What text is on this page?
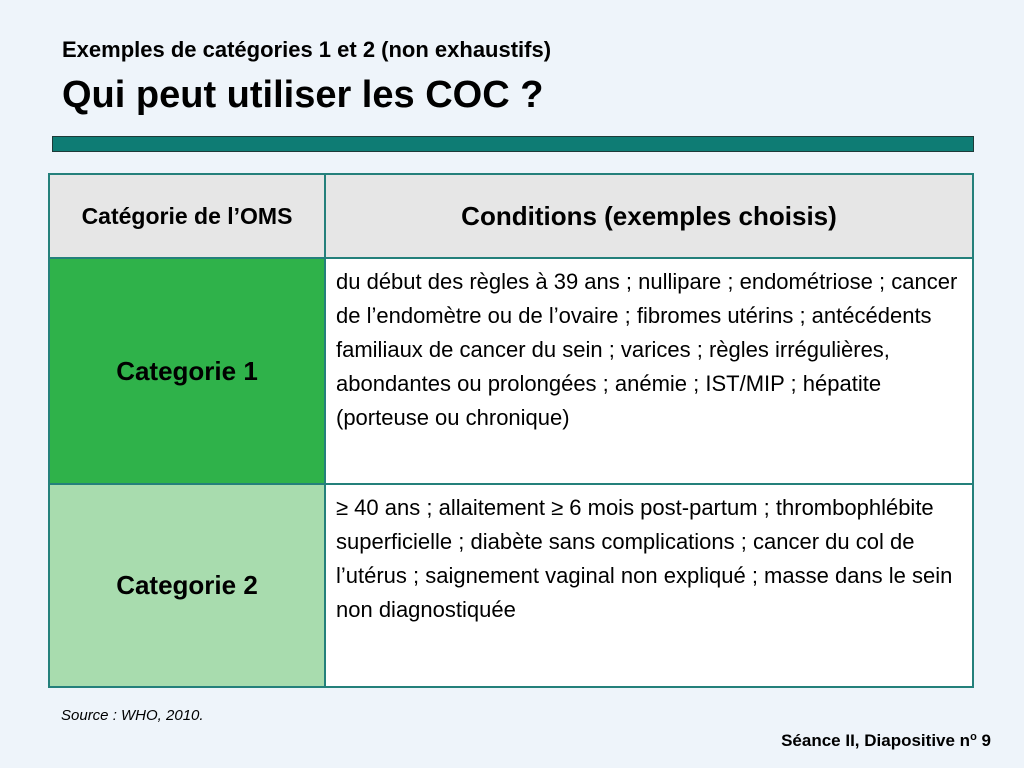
Exemples de catégories 1 et 2 (non exhaustifs)
Qui peut utiliser les COC ?
Catégorie de l’OMS	Conditions (exemples choisis)
Categorie 1	du début des règles à 39 ans ; nullipare ; endométriose ; cancer de l’endomètre ou de l’ovaire ; fibromes utérins ; antécédents familiaux de cancer du sein ; varices ; règles irrégulières, abondantes ou prolongées ; anémie ; IST/MIP ; hépatite (porteuse ou chronique)
Categorie 2	≥ 40 ans ; allaitement ≥ 6 mois post-partum ; thrombophlébite superficielle ; diabète sans complications ; cancer du col de l’utérus ; saignement vaginal non expliqué ; masse dans le sein non diagnostiquée
Source : WHO, 2010.
Séance II, Diapositive $n^o$ 9
